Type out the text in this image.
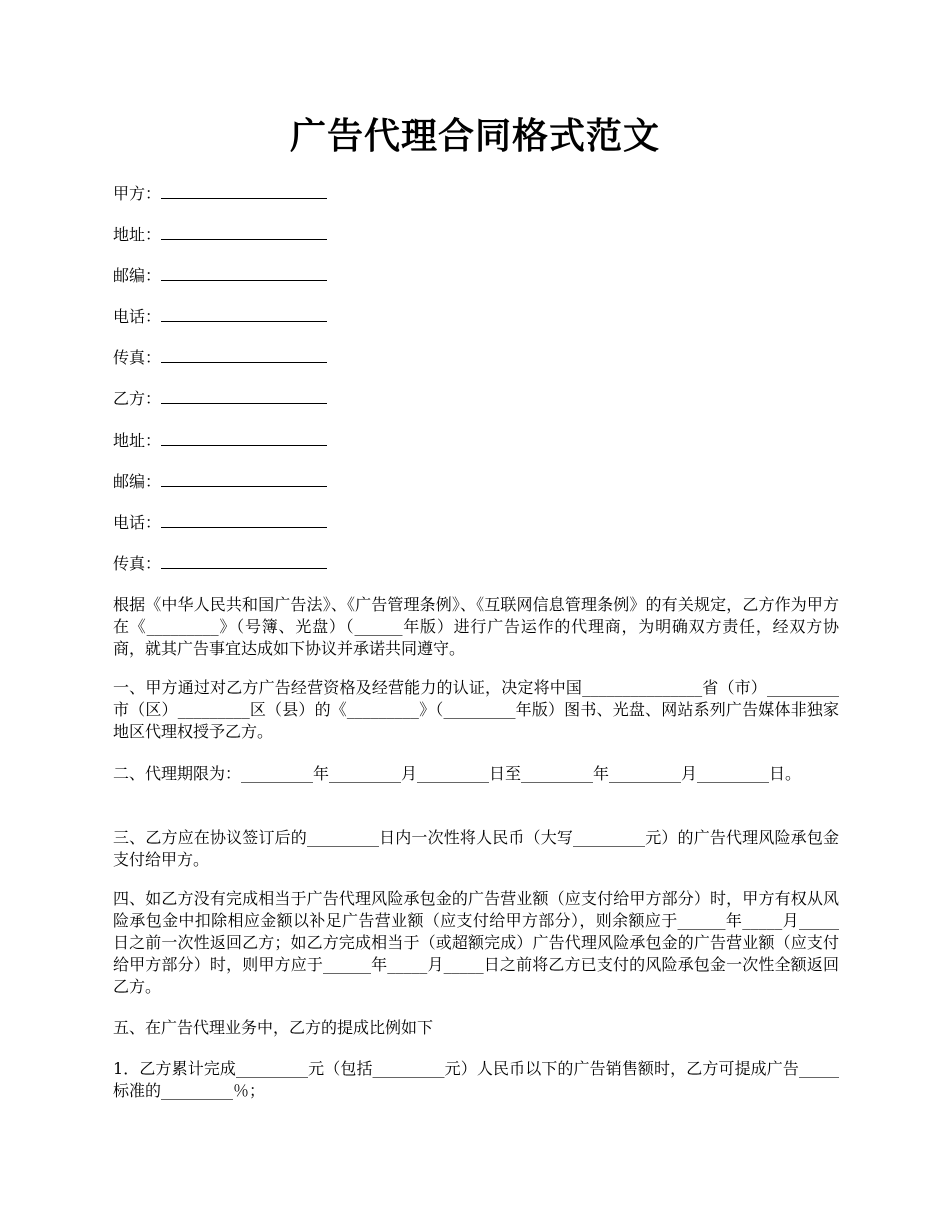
广告代理合同格式范文

甲方：

地址：

邮编：

电话：

传真：

乙方：

地址：

邮编：

电话：

传真：

根据《中华人民共和国广告法》、《广告管理条例》、《互联网信息管理条例》的有关规定，乙方作为甲方在《_________》（号簿、光盘）（______年版）进行广告运作的代理商，为明确双方责任，经双方协商，就其广告事宜达成如下协议并承诺共同遵守。

一、甲方通过对乙方广告经营资格及经营能力的认证，决定将中国_______________省（市）_________市（区）_________区（县）的《_________》（_________年版）图书、光盘、网站系列广告媒体非独家地区代理权授予乙方。

二、代理期限为：_________年_________月_________日至_________年_________月_________日。

三、乙方应在协议签订后的_________日内一次性将人民币（大写_________元）的广告代理风险承包金支付给甲方。

四、如乙方没有完成相当于广告代理风险承包金的广告营业额（应支付给甲方部分）时，甲方有权从风险承包金中扣除相应金额以补足广告营业额（应支付给甲方部分），则余额应于______年_____月_____日之前一次性返回乙方；如乙方完成相当于（或超额完成）广告代理风险承包金的广告营业额（应支付给甲方部分）时，则甲方应于______年_____月_____日之前将乙方已支付的风险承包金一次性全额返回乙方。

五、在广告代理业务中，乙方的提成比例如下

1．乙方累计完成_________元（包括_________元）人民币以下的广告销售额时，乙方可提成广告_____标准的_________％；
